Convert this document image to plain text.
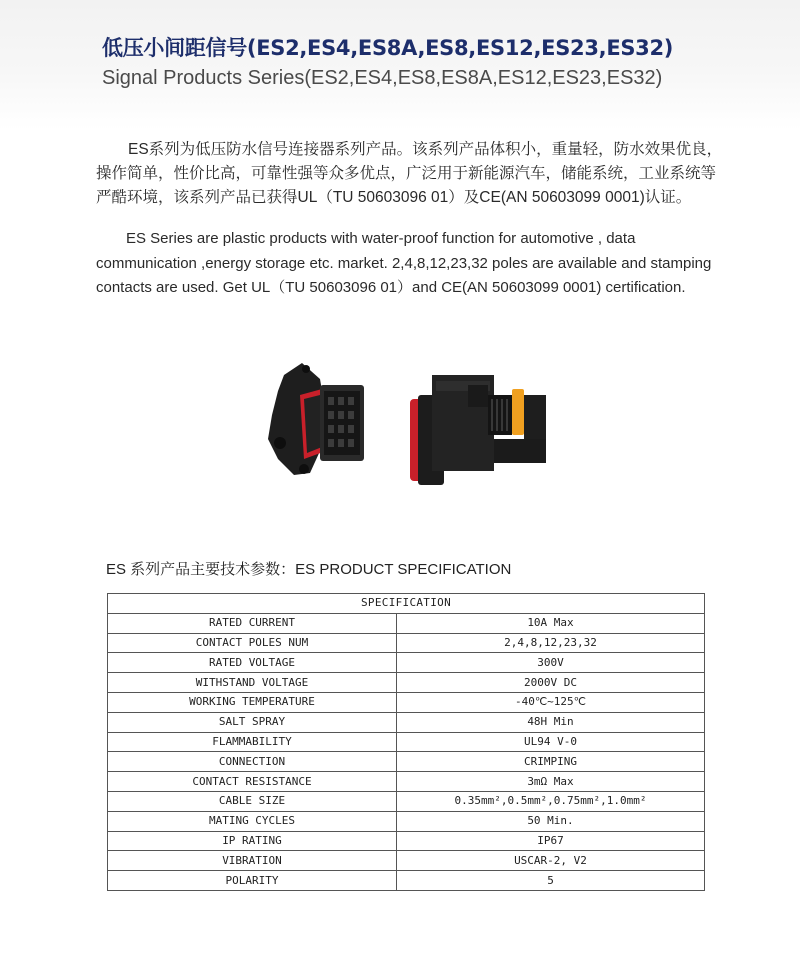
低压小间距信号(ES2,ES4,ES8A,ES8,ES12,ES23,ES32)
Signal Products Series(ES2,ES4,ES8,ES8A,ES12,ES23,ES32)
ES系列为低压防水信号连接器系列产品。该系列产品体积小，重量轻，防水效果优良，
操作简单，性价比高，可靠性强等众多优点，广泛用于新能源汽车，储能系统，工业系统等
严酷环境，该系列产品已获得UL（TU 50603096 01）及CE(AN 50603099 0001)认证。
ES Series are plastic products with water-proof function for automotive , data
communication ,energy storage etc. market. 2,4,8,12,23,32 poles are available and stamping
contacts are used. Get UL（TU 50603096 01）and CE(AN 50603099 0001) certification.
ES 系列产品主要技术参数：ES PRODUCT SPECIFICATION
SPECIFICATION	
RATED CURRENT	10A Max
CONTACT POLES NUM	2,4,8,12,23,32
RATED VOLTAGE	300V
WITHSTAND VOLTAGE	2000V DC
WORKING TEMPERATURE	-40℃~125℃
SALT SPRAY	48H Min
FLAMMABILITY	UL94 V-0
CONNECTION	CRIMPING
CONTACT RESISTANCE	3mΩ Max
CABLE SIZE	0.35mm²,0.5mm²,0.75mm²,1.0mm²
MATING CYCLES	50 Min.
IP RATING	IP67
VIBRATION	USCAR-2, V2
POLARITY	5
